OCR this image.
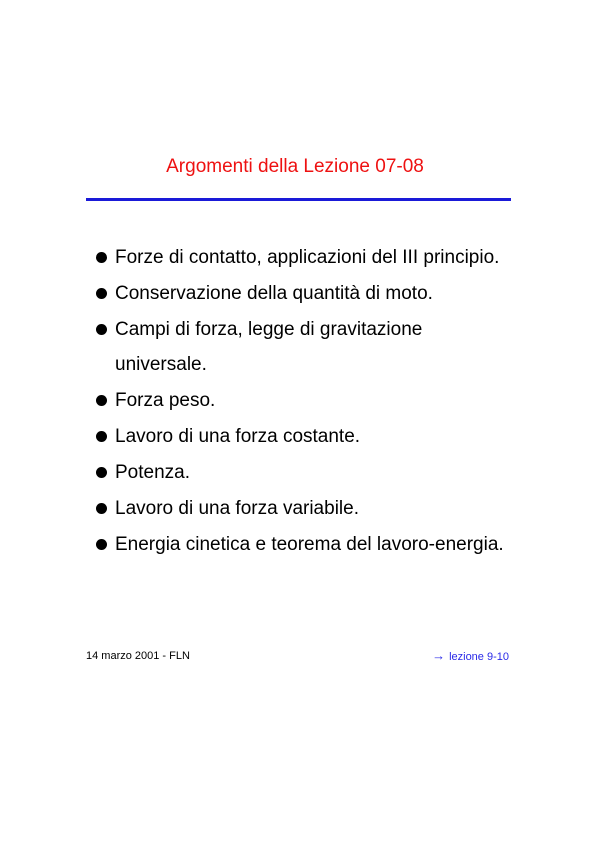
Argomenti della Lezione 07-08
Forze di contatto, applicazioni del III principio.
Conservazione della quantità di moto.
Campi di forza, legge di gravitazione universale.
Forza peso.
Lavoro di una forza costante.
Potenza.
Lavoro di una forza variabile.
Energia cinetica e teorema del lavoro-energia.
14 marzo 2001 - FLN	→ lezione 9-10
